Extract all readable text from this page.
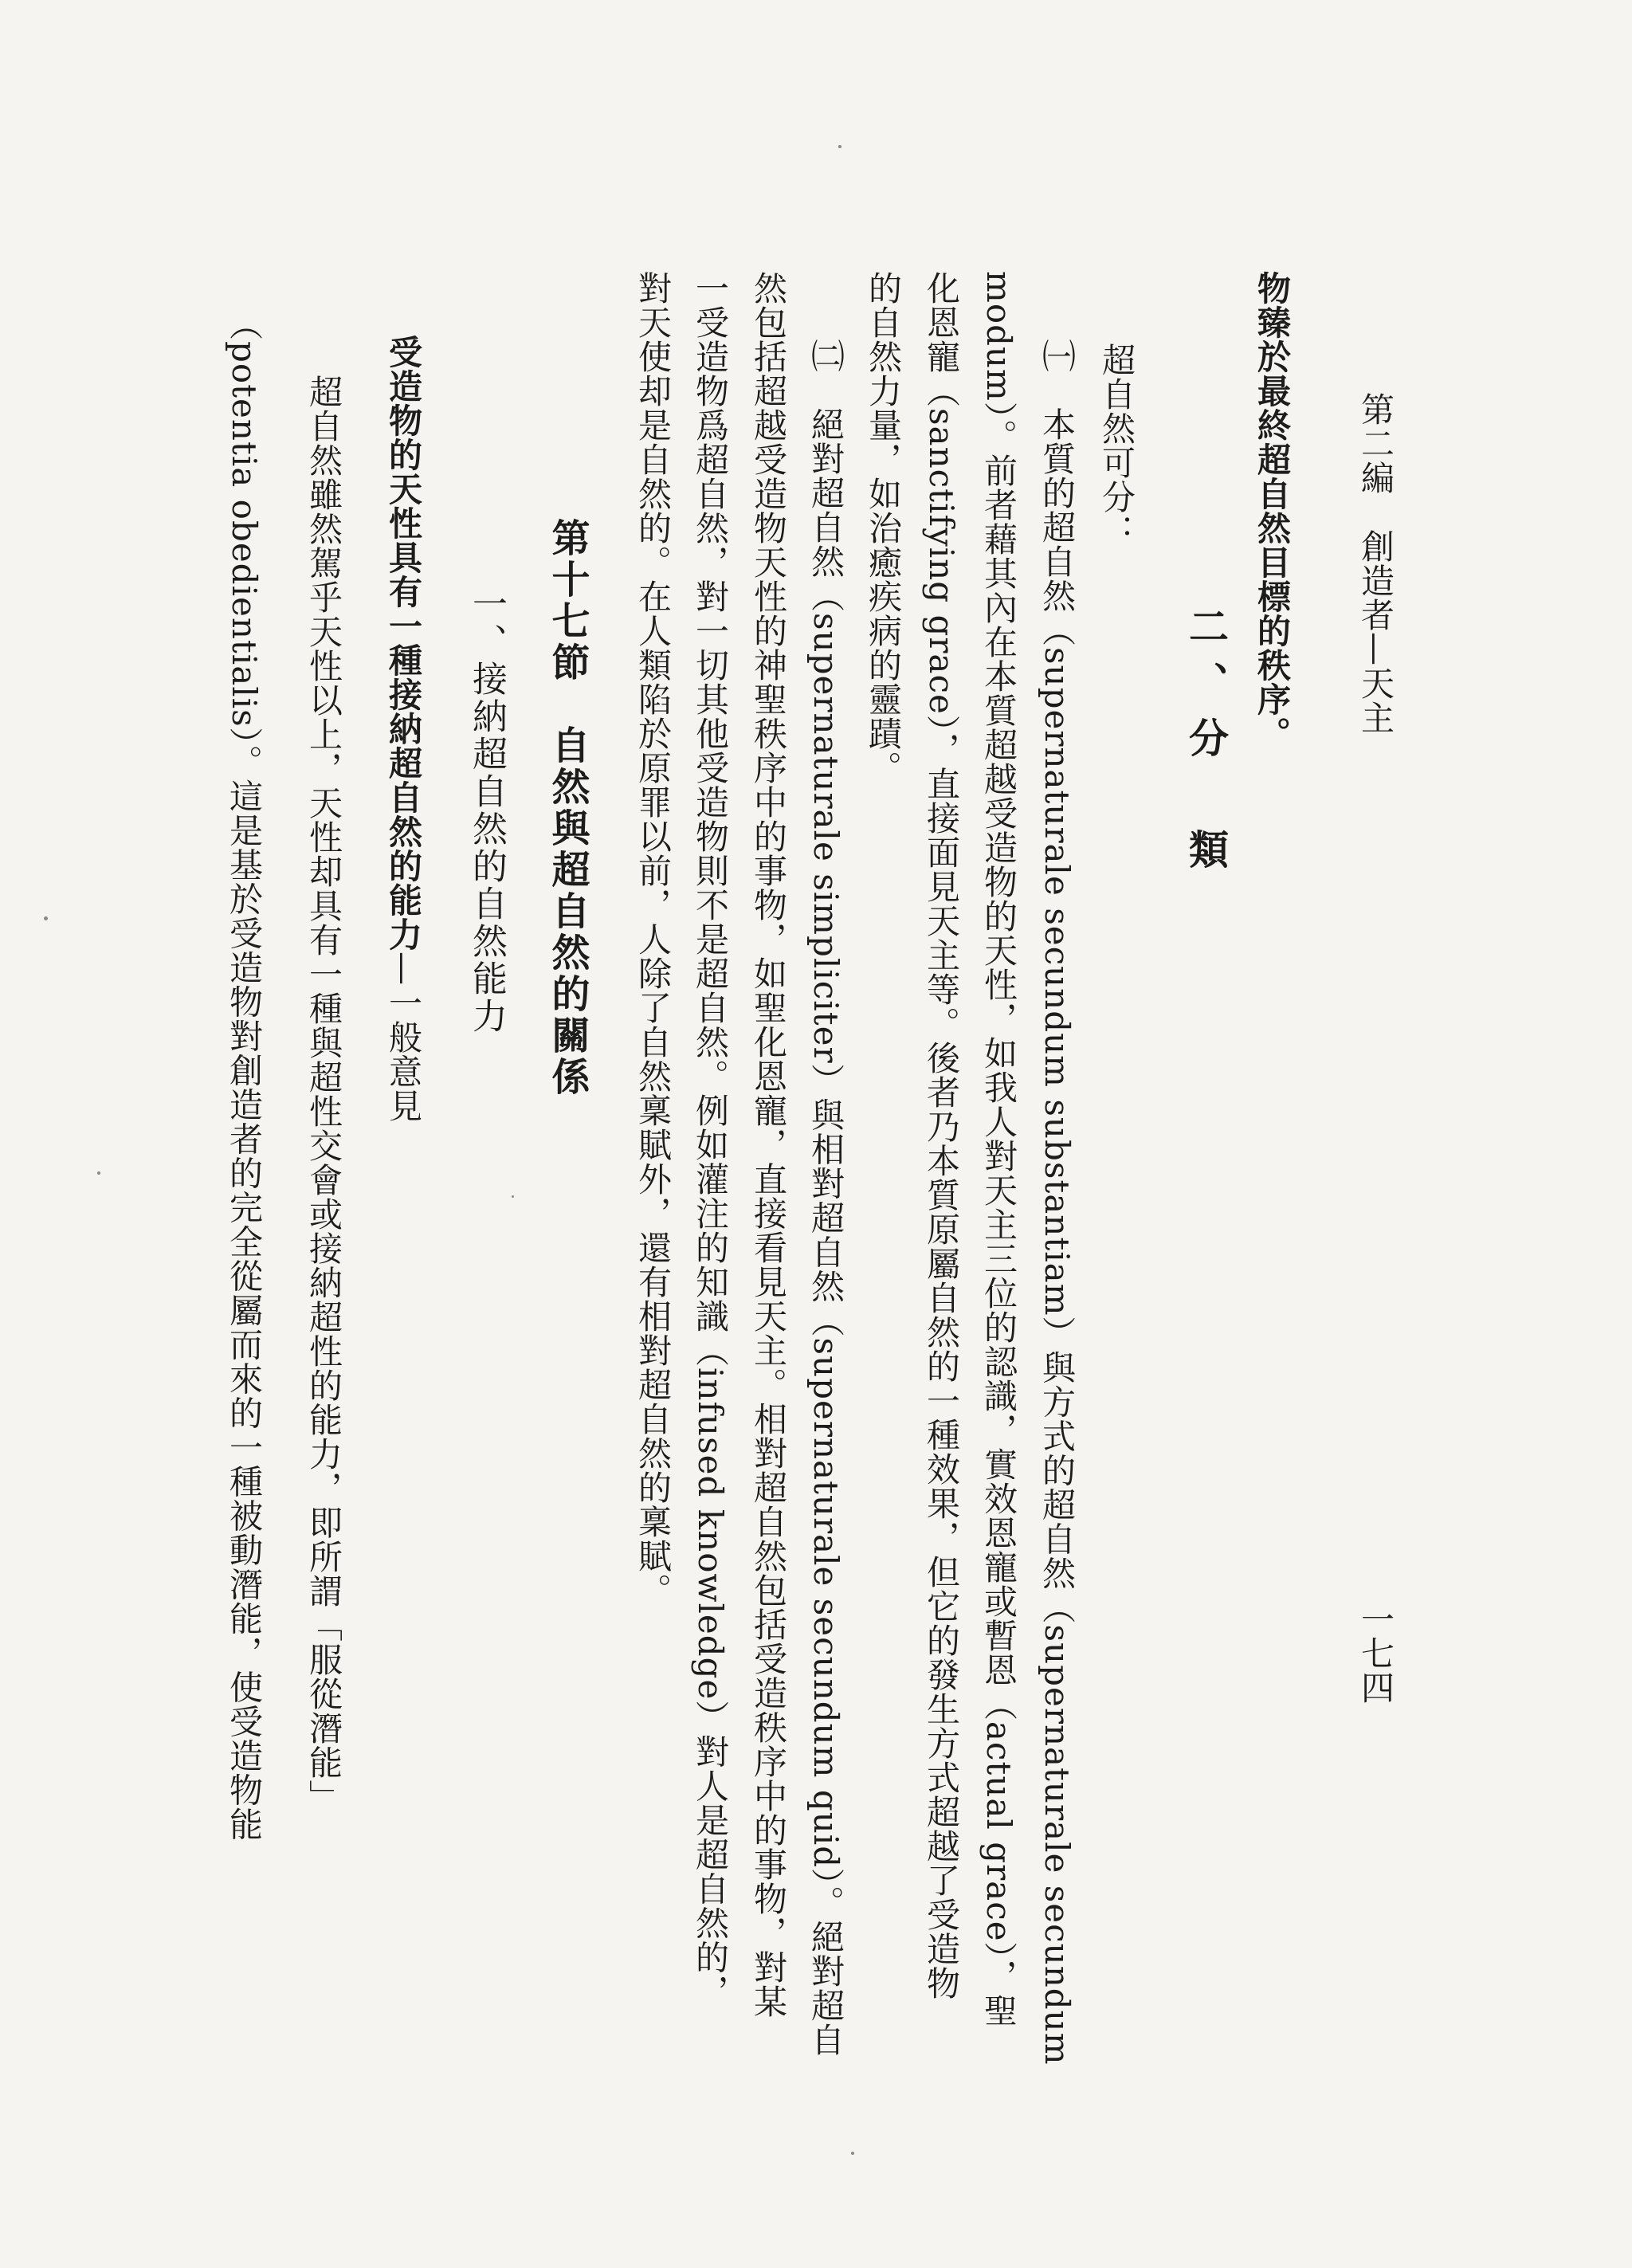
第二編　創造者—天主
一七四
物臻於最終超自然目標的秩序。
二、分　類
超自然可分：
㈠　本質的超自然（supernaturale secundum substantiam）與方式的超自然（supernaturale secundum
modum）。前者藉其內在本質超越受造物的天性，如我人對天主三位的認識，實效恩寵或暫恩（actual grace），聖
化恩寵（sanctifying grace），直接面見天主等。後者乃本質原屬自然的一種效果，但它的發生方式超越了受造物
的自然力量，如治癒疾病的靈蹟。
㈡　絕對超自然（supernaturale simpliciter）與相對超自然（supernaturale secundum quid）。絕對超自
然包括超越受造物天性的神聖秩序中的事物，如聖化恩寵，直接看見天主。相對超自然包括受造秩序中的事物，對某
一受造物爲超自然，對一切其他受造物則不是超自然。例如灌注的知識（infused knowledge）對人是超自然的，
對天使却是自然的。在人類陷於原罪以前，人除了自然稟賦外，還有相對超自然的稟賦。
第十七節　自然與超自然的關係
一、接納超自然的自然能力
受造物的天性具有一種接納超自然的能力—一般意見
超自然雖然駕乎天性以上，天性却具有一種與超性交會或接納超性的能力，即所謂「服從潛能」
（potentia obedientialis）。這是基於受造物對創造者的完全從屬而來的一種被動潛能，使受造物能
